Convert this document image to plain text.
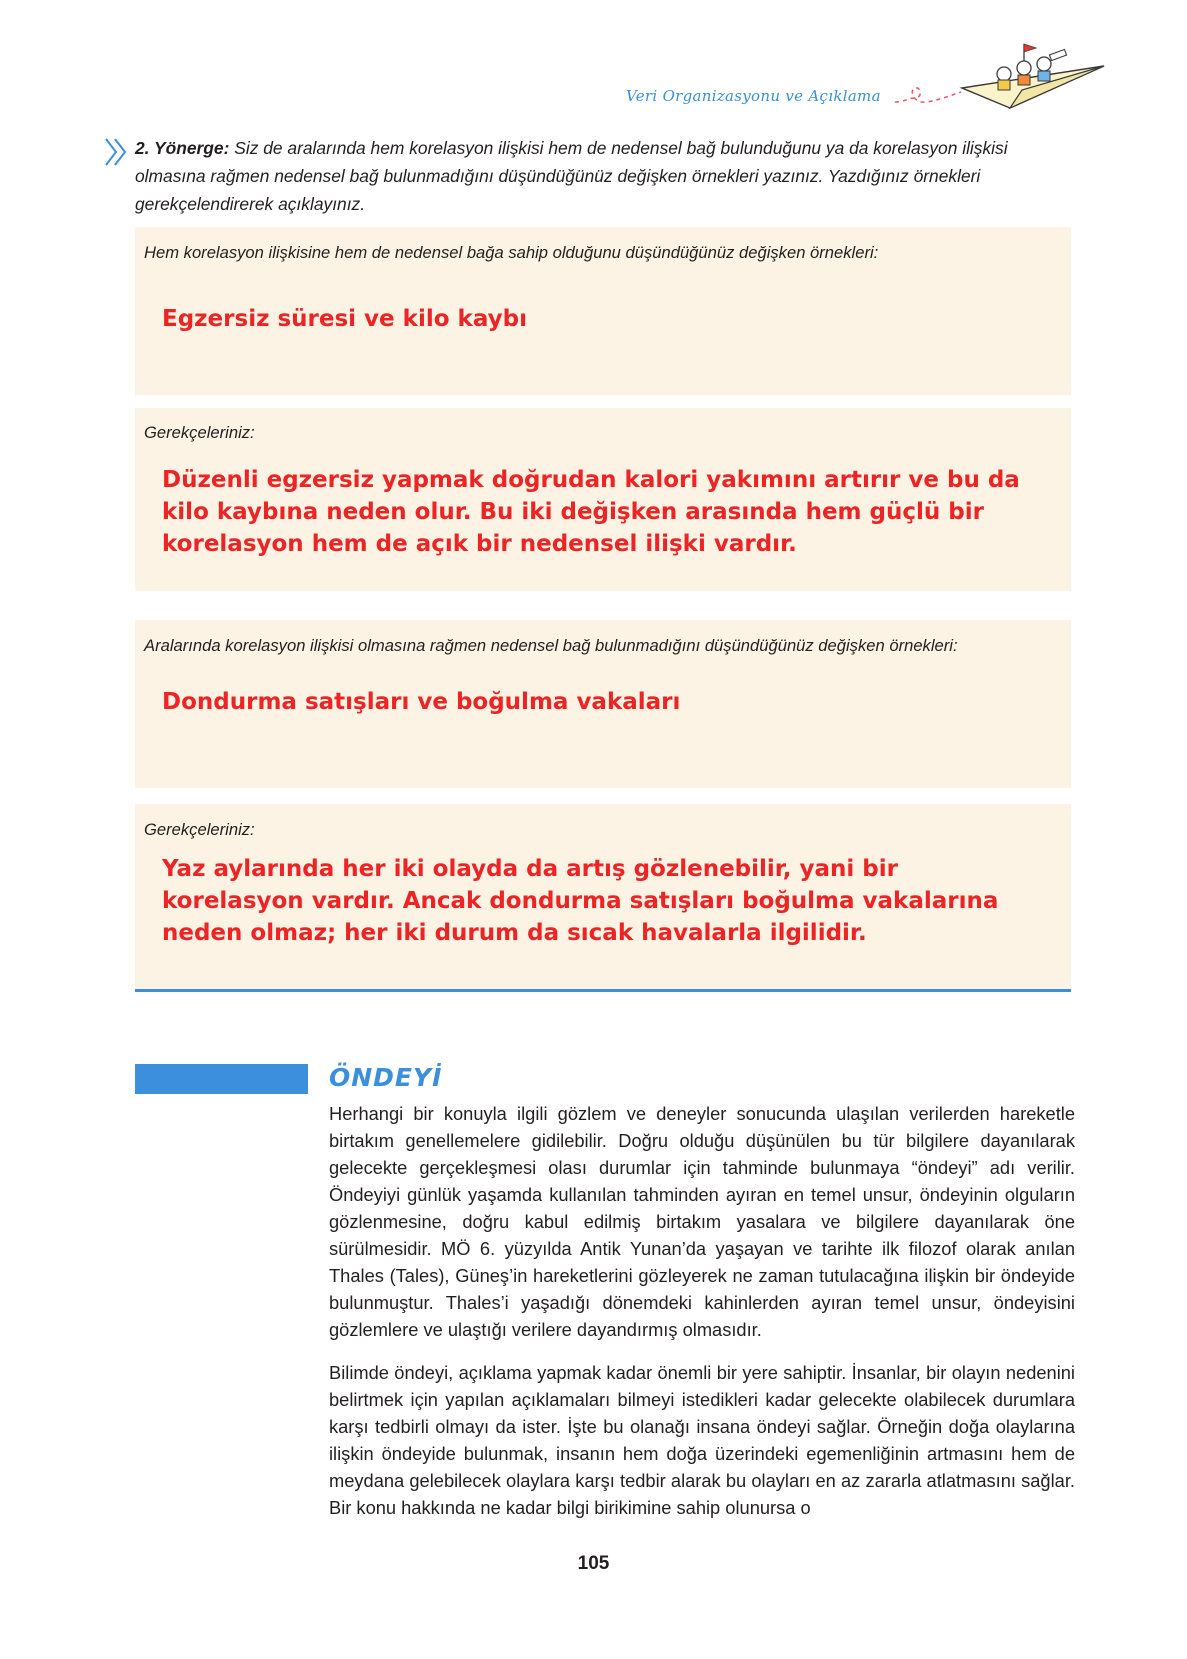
Veri Organizasyonu ve Açıklama

2. Yönerge: Siz de aralarında hem korelasyon ilişkisi hem de nedensel bağ bulunduğunu ya da korelasyon ilişkisi olmasına rağmen nedensel bağ bulunmadığını düşündüğünüz değişken örnekleri yazınız. Yazdığınız örnekleri gerekçelendirerek açıklayınız.

Hem korelasyon ilişkisine hem de nedensel bağa sahip olduğunu düşündüğünüz değişken örnekleri:

Egzersiz süresi ve kilo kaybı

Gerekçeleriniz:

Düzenli egzersiz yapmak doğrudan kalori yakımını artırır ve bu da kilo kaybına neden olur. Bu iki değişken arasında hem güçlü bir korelasyon hem de açık bir nedensel ilişki vardır.

Aralarında korelasyon ilişkisi olmasına rağmen nedensel bağ bulunmadığını düşündüğünüz değişken örnekleri:

Dondurma satışları ve boğulma vakaları

Gerekçeleriniz:

Yaz aylarında her iki olayda da artış gözlenebilir, yani bir korelasyon vardır. Ancak dondurma satışları boğulma vakalarına neden olmaz; her iki durum da sıcak havalarla ilgilidir.

ÖNDEYİ

Herhangi bir konuyla ilgili gözlem ve deneyler sonucunda ulaşılan verilerden hareketle birtakım genellemelere gidilebilir. Doğru olduğu düşünülen bu tür bilgilere dayanılarak gelecekte gerçekleşmesi olası durumlar için tahminde bulunmaya “öndeyi” adı verilir. Öndeyiyi günlük yaşamda kullanılan tahminden ayıran en temel unsur, öndeyinin olguların gözlenmesine, doğru kabul edilmiş birtakım yasalara ve bilgilere dayanılarak öne sürülmesidir. MÖ 6. yüzyılda Antik Yunan’da yaşayan ve tarihte ilk filozof olarak anılan Thales (Tales), Güneş’in hareketlerini gözleyerek ne zaman tutulacağına ilişkin bir öndeyide bulunmuştur. Thales’i yaşadığı dönemdeki kahinlerden ayıran temel unsur, öndeyisini gözlemlere ve ulaştığı verilere dayandırmış olmasıdır.

Bilimde öndeyi, açıklama yapmak kadar önemli bir yere sahiptir. İnsanlar, bir olayın nedenini belirtmek için yapılan açıklamaları bilmeyi istedikleri kadar gelecekte olabilecek durumlara karşı tedbirli olmayı da ister. İşte bu olanağı insana öndeyi sağlar. Örneğin doğa olaylarına ilişkin öndeyide bulunmak, insanın hem doğa üzerindeki egemenliğinin artmasını hem de meydana gelebilecek olaylara karşı tedbir alarak bu olayları en az zararla atlatmasını sağlar. Bir konu hakkında ne kadar bilgi birikimine sahip olunursa o

105
